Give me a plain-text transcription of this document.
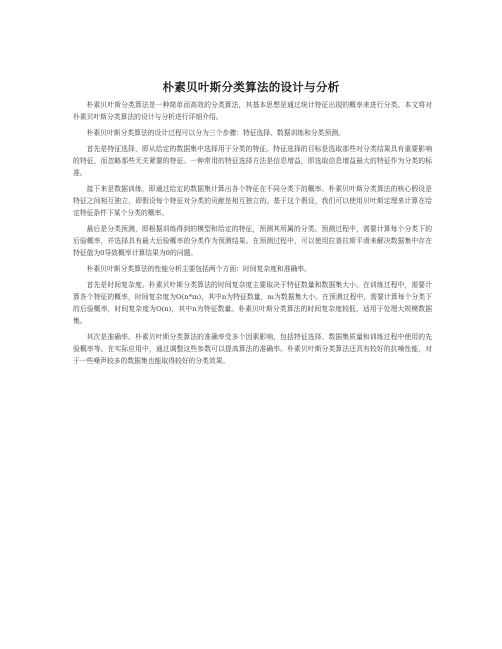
朴素贝叶斯分类算法的设计与分析

朴素贝叶斯分类算法是一种简单而高效的分类算法，其基本思想是通过统计特征出现的概率来进行分类。本文将对朴素贝叶斯分类算法的设计与分析进行详细介绍。

朴素贝叶斯分类算法的设计过程可以分为三个步骤：特征选择、数据训练和分类预测。

首先是特征选择，即从给定的数据集中选择用于分类的特征。特征选择的目标是选取那些对分类结果具有重要影响的特征，而忽略那些无关紧要的特征。一种常用的特征选择方法是信息增益，即选取信息增益最大的特征作为分类的标准。

接下来是数据训练，即通过给定的数据集计算出各个特征在不同分类下的概率。朴素贝叶斯分类算法的核心假设是特征之间相互独立，即假设每个特征对分类的贡献是相互独立的。基于这个假设，我们可以使用贝叶斯定理来计算在给定特征条件下某个分类的概率。

最后是分类预测，即根据训练得到的模型和给定的特征，预测其所属的分类。预测过程中，需要计算每个分类下的后验概率，并选择具有最大后验概率的分类作为预测结果。在预测过程中，可以使用拉普拉斯平滑来解决数据集中存在特征值为0导致概率计算结果为0的问题。

朴素贝叶斯分类算法的性能分析主要包括两个方面：时间复杂度和准确率。

首先是时间复杂度。朴素贝叶斯分类算法的时间复杂度主要取决于特征数量和数据集大小。在训练过程中，需要计算各个特征的概率，时间复杂度为O(n*m)，其中n为特征数量，m为数据集大小。在预测过程中，需要计算每个分类下的后验概率，时间复杂度为O(n)，其中n为特征数量。朴素贝叶斯分类算法的时间复杂度较低，适用于处理大规模数据集。

其次是准确率。朴素贝叶斯分类算法的准确率受多个因素影响，包括特征选择、数据集质量和训练过程中使用的先验概率等。在实际应用中，通过调整这些参数可以提高算法的准确率。朴素贝叶斯分类算法还具有较好的抗噪性能，对于一些噪声较多的数据集也能取得较好的分类效果。
